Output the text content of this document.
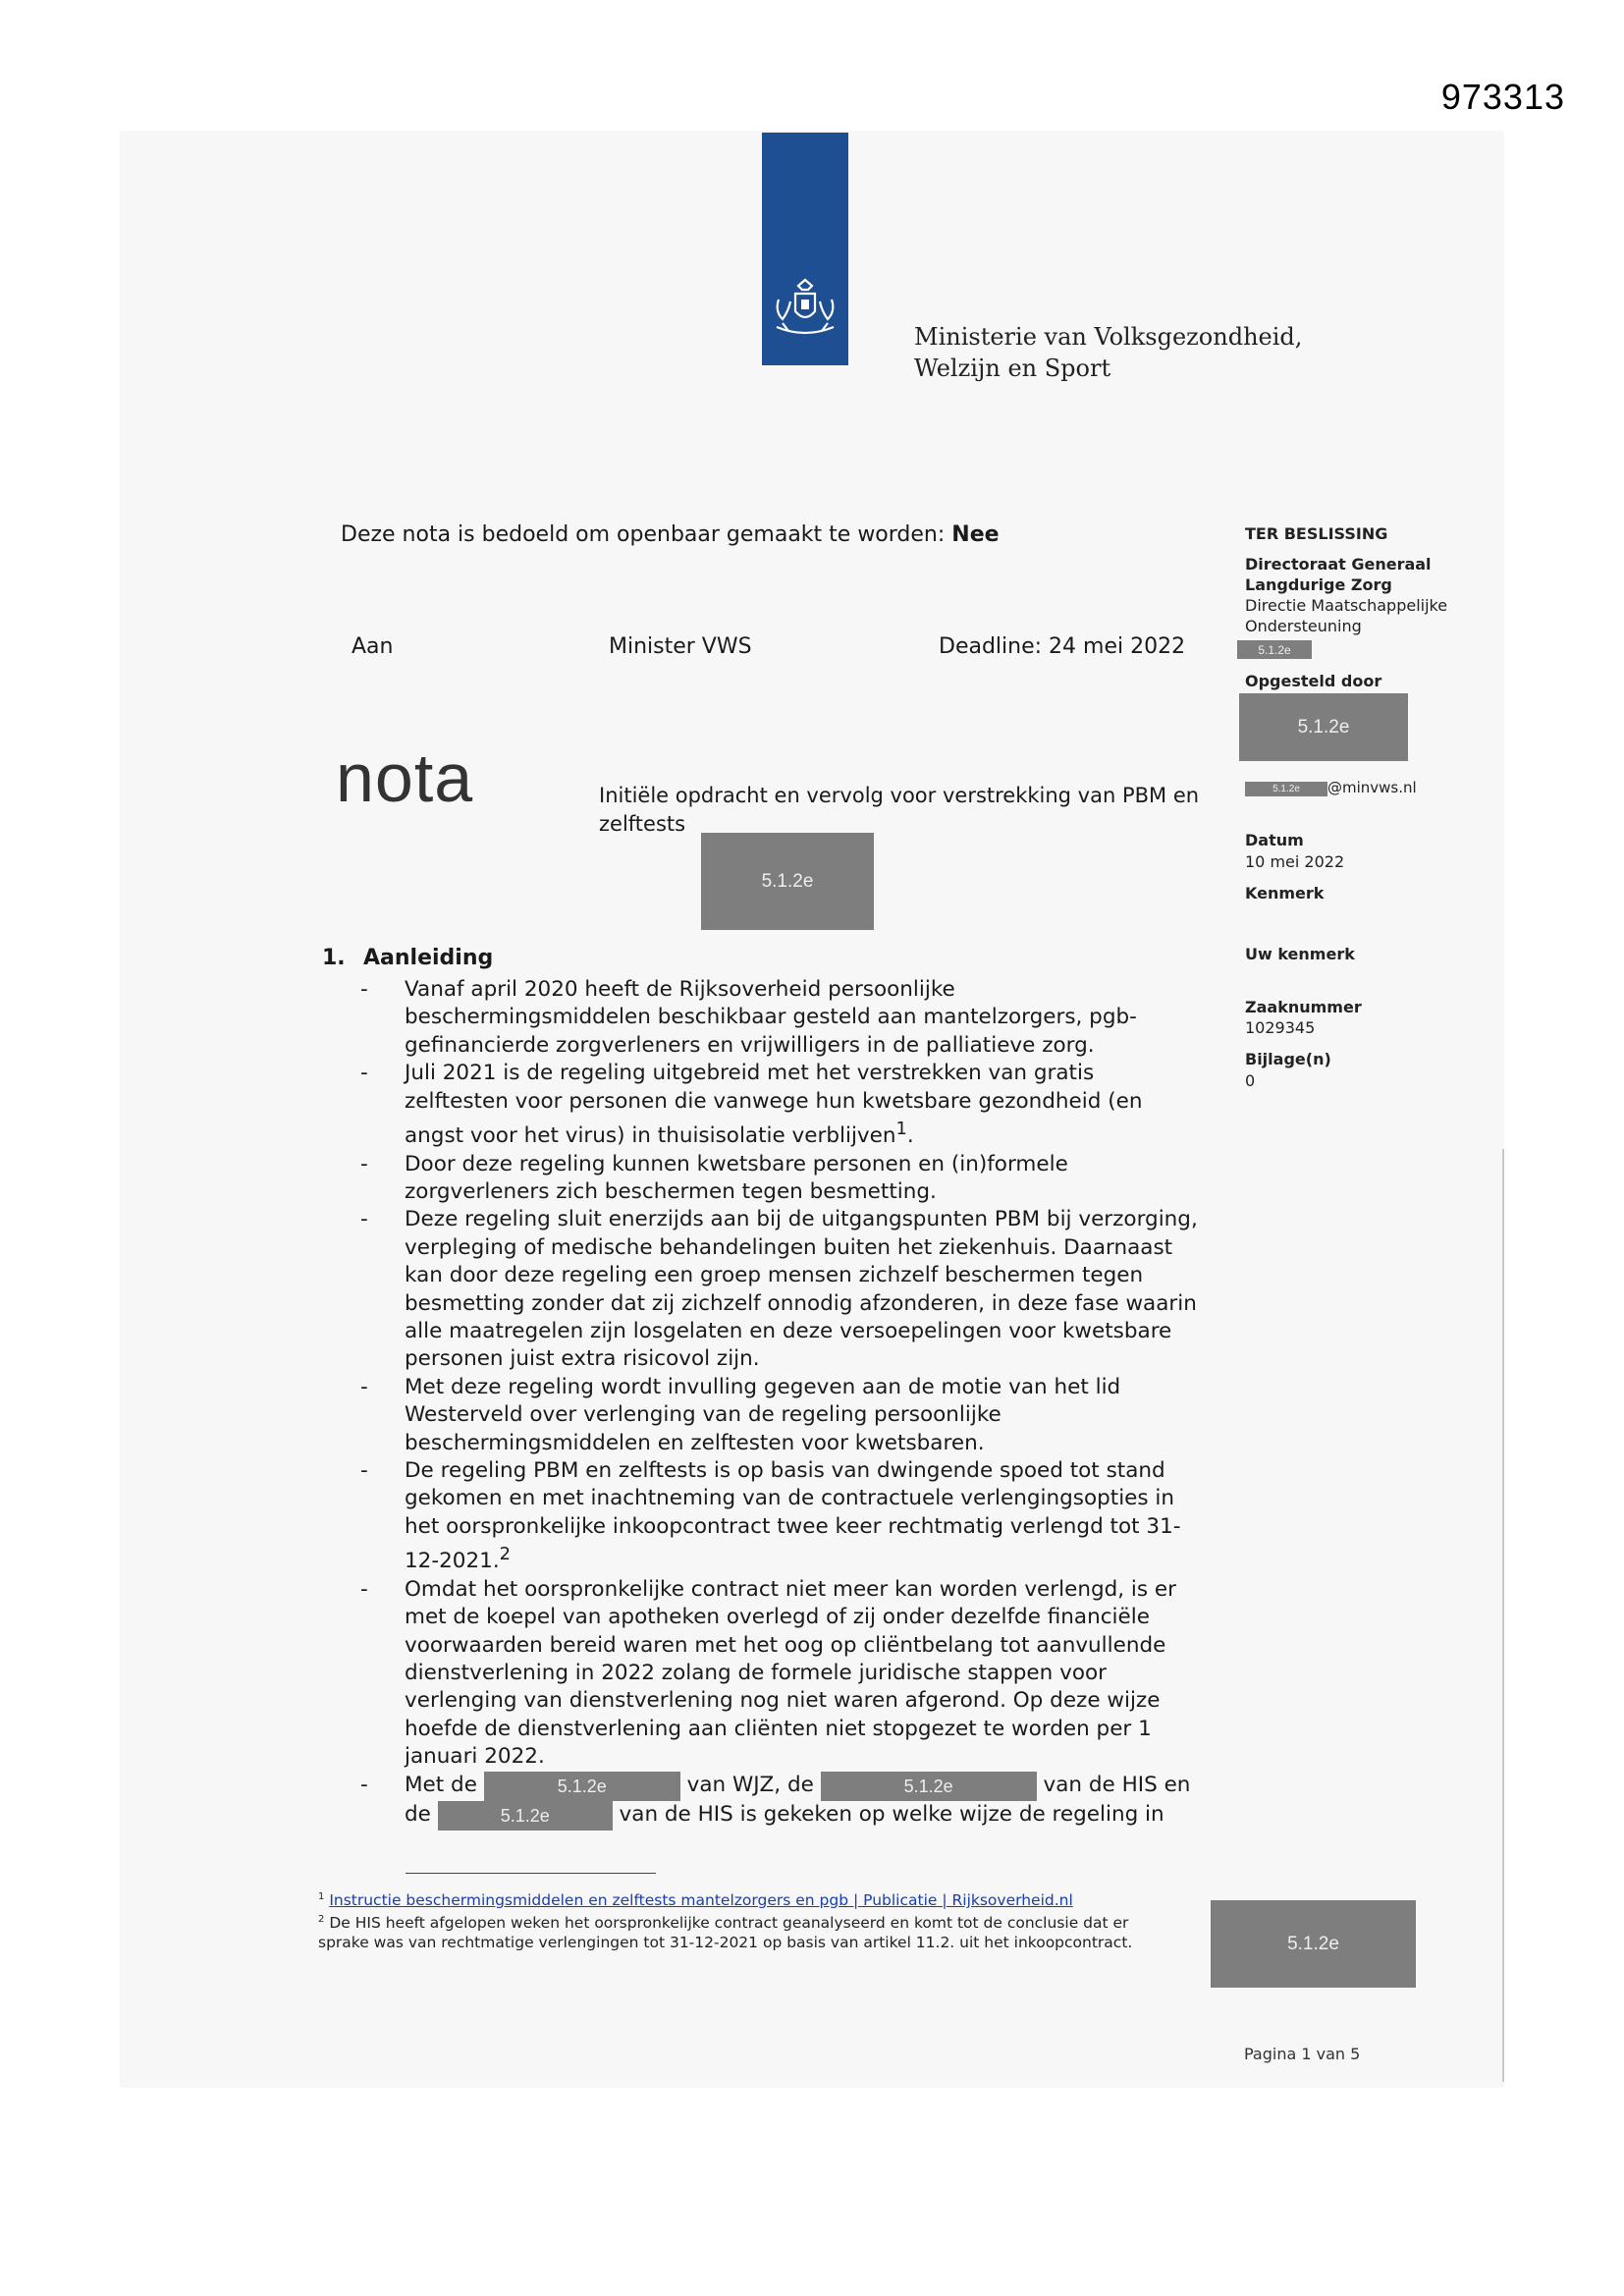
973313
Ministerie van Volksgezondheid,
Welzijn en Sport
Deze nota is bedoeld om openbaar gemaakt te worden: Nee
Aan	Minister VWS	Deadline: 24 mei 2022
nota	Initiële opdracht en vervolg voor verstrekking van PBM en zelftests
5.1.2e
TER BESLISSING
Directoraat Generaal
Langdurige Zorg
Directie Maatschappelijke
Ondersteuning
5.1.2e
Opgesteld door
5.1.2e
5.1.2e	@minvws.nl
Datum
10 mei 2022
Kenmerk
Uw kenmerk
Zaaknummer
1029345
Bijlage(n)
0
1. Aanleiding
- Vanaf april 2020 heeft de Rijksoverheid persoonlijke beschermingsmiddelen beschikbaar gesteld aan mantelzorgers, pgb-gefinancierde zorgverleners en vrijwilligers in de palliatieve zorg.
- Juli 2021 is de regeling uitgebreid met het verstrekken van gratis zelftesten voor personen die vanwege hun kwetsbare gezondheid (en angst voor het virus) in thuisisolatie verblijven$^1$.
- Door deze regeling kunnen kwetsbare personen en (in)formele zorgverleners zich beschermen tegen besmetting.
- Deze regeling sluit enerzijds aan bij de uitgangspunten PBM bij verzorging, verpleging of medische behandelingen buiten het ziekenhuis. Daarnaast kan door deze regeling een groep mensen zichzelf beschermen tegen besmetting zonder dat zij zichzelf onnodig afzonderen, in deze fase waarin alle maatregelen zijn losgelaten en deze versoepelingen voor kwetsbare personen juist extra risicovol zijn.
- Met deze regeling wordt invulling gegeven aan de motie van het lid Westerveld over verlenging van de regeling persoonlijke beschermingsmiddelen en zelftesten voor kwetsbaren.
- De regeling PBM en zelftests is op basis van dwingende spoed tot stand gekomen en met inachtneming van de contractuele verlengingsopties in het oorspronkelijke inkoopcontract twee keer rechtmatig verlengd tot 31-12-2021.$^2$
- Omdat het oorspronkelijke contract niet meer kan worden verlengd, is er met de koepel van apotheken overlegd of zij onder dezelfde financiële voorwaarden bereid waren met het oog op cliëntbelang tot aanvullende dienstverlening in 2022 zolang de formele juridische stappen voor verlenging van dienstverlening nog niet waren afgerond. Op deze wijze hoefde de dienstverlening aan cliënten niet stopgezet te worden per 1 januari 2022.
- Met de	5.1.2e	van WJZ, de	5.1.2e	van de HIS en
de	5.1.2e	van de HIS is gekeken op welke wijze de regeling in
$^1$ Instructie beschermingsmiddelen en zelftests mantelzorgers en pgb | Publicatie | Rijksoverheid.nl
$^2$ De HIS heeft afgelopen weken het oorspronkelijke contract geanalyseerd en komt tot de conclusie dat er sprake was van rechtmatige verlengingen tot 31-12-2021 op basis van artikel 11.2. uit het inkoopcontract.	5.1.2e
Pagina 1 van 5
